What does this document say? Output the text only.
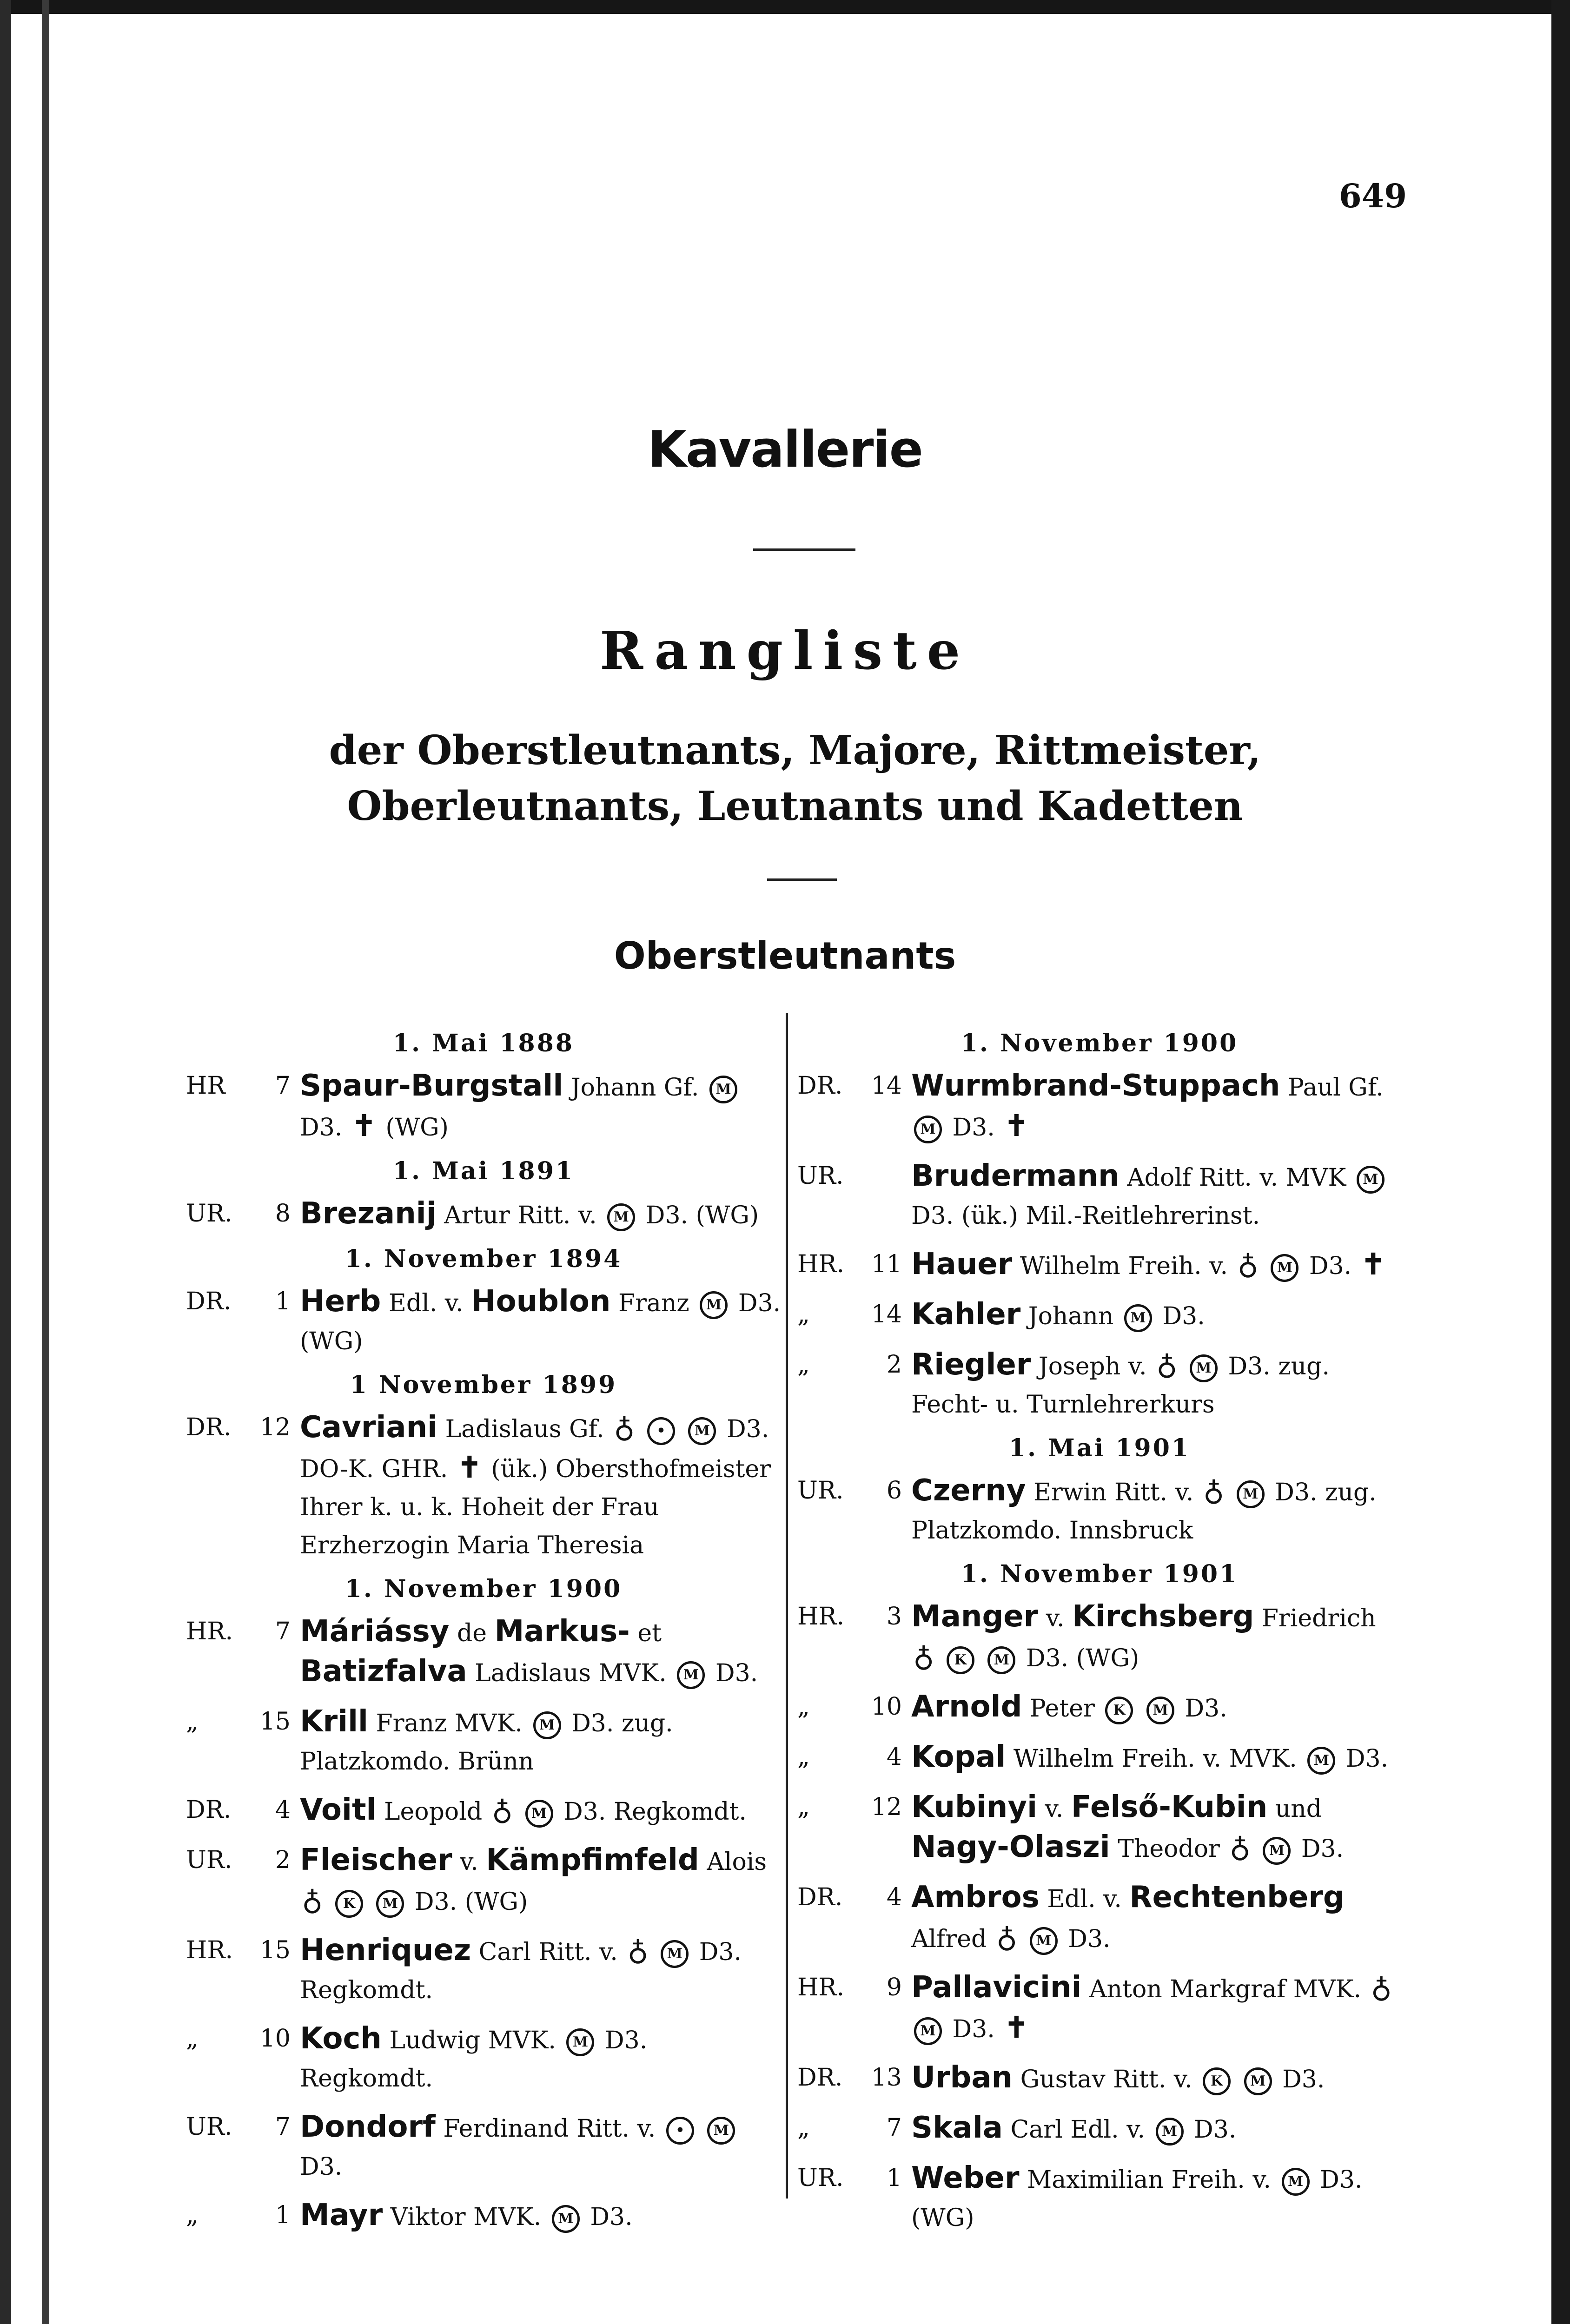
649
Kavallerie
Rangliste
der Oberstleutnants, Majore, Rittmeister, Oberleutnants, Leutnants und Kadetten
Oberstleutnants
1. Mai 1888
HR	7 Spaur-Burgstall Johann Gf. M D3. ✝ (WG)
1. Mai 1891
UR.	8 Brezanij Artur Ritt. v. M D3. (WG)
1. November 1894
DR.	1 Herb Edl. v. Houblon Franz M D3. (WG)
1 November 1899
DR.	12 Cavriani Ladislaus Gf. ♁ • M D3. DO-K. GHR. ✝ (ük.) Obersthofmeister Ihrer k. u. k. Hoheit der Frau Erzherzogin Maria Theresia
1. November 1900
HR.	7 Máriássy de Markus- et Batizfalva Ladislaus MVK. M D3.
„	15 Krill Franz MVK. M D3. zug. Platzkomdo. Brünn
DR.	4 Voitl Leopold ♁ M D3. Regkomdt.
UR.	2 Fleischer v. Kämpfimfeld Alois ♁ K M D3. (WG)
HR.	15 Henriquez Carl Ritt. v. ♁ M D3. Regkomdt.
„	10 Koch Ludwig MVK. M D3. Regkomdt.
UR.	7 Dondorf Ferdinand Ritt. v. • M D3.
„	1 Mayr Viktor MVK. M D3.
1. November 1900
DR.	14 Wurmbrand-Stuppach Paul Gf. M D3. ✝
UR.	Brudermann Adolf Ritt. v. MVK M D3. (ük.) Mil.-Reitlehrerinst.
HR.	11 Hauer Wilhelm Freih. v. ♁ M D3. ✝
„	14 Kahler Johann M D3.
„	2 Riegler Joseph v. ♁ M D3. zug. Fecht- u. Turnlehrerkurs
1. Mai 1901
UR.	6 Czerny Erwin Ritt. v. ♁ M D3. zug. Platzkomdo. Innsbruck
1. November 1901
HR.	3 Manger v. Kirchsberg Friedrich ♁ K M D3. (WG)
„	10 Arnold Peter K M D3.
„	4 Kopal Wilhelm Freih. v. MVK. M D3.
„	12 Kubinyi v. Felső-Kubin und Nagy-Olaszi Theodor ♁ M D3.
DR.	4 Ambros Edl. v. Rechtenberg Alfred ♁ M D3.
HR.	9 Pallavicini Anton Markgraf MVK. ♁ M D3. ✝
DR.	13 Urban Gustav Ritt. v. K M D3.
„	7 Skala Carl Edl. v. M D3.
UR.	1 Weber Maximilian Freih. v. M D3. (WG)
